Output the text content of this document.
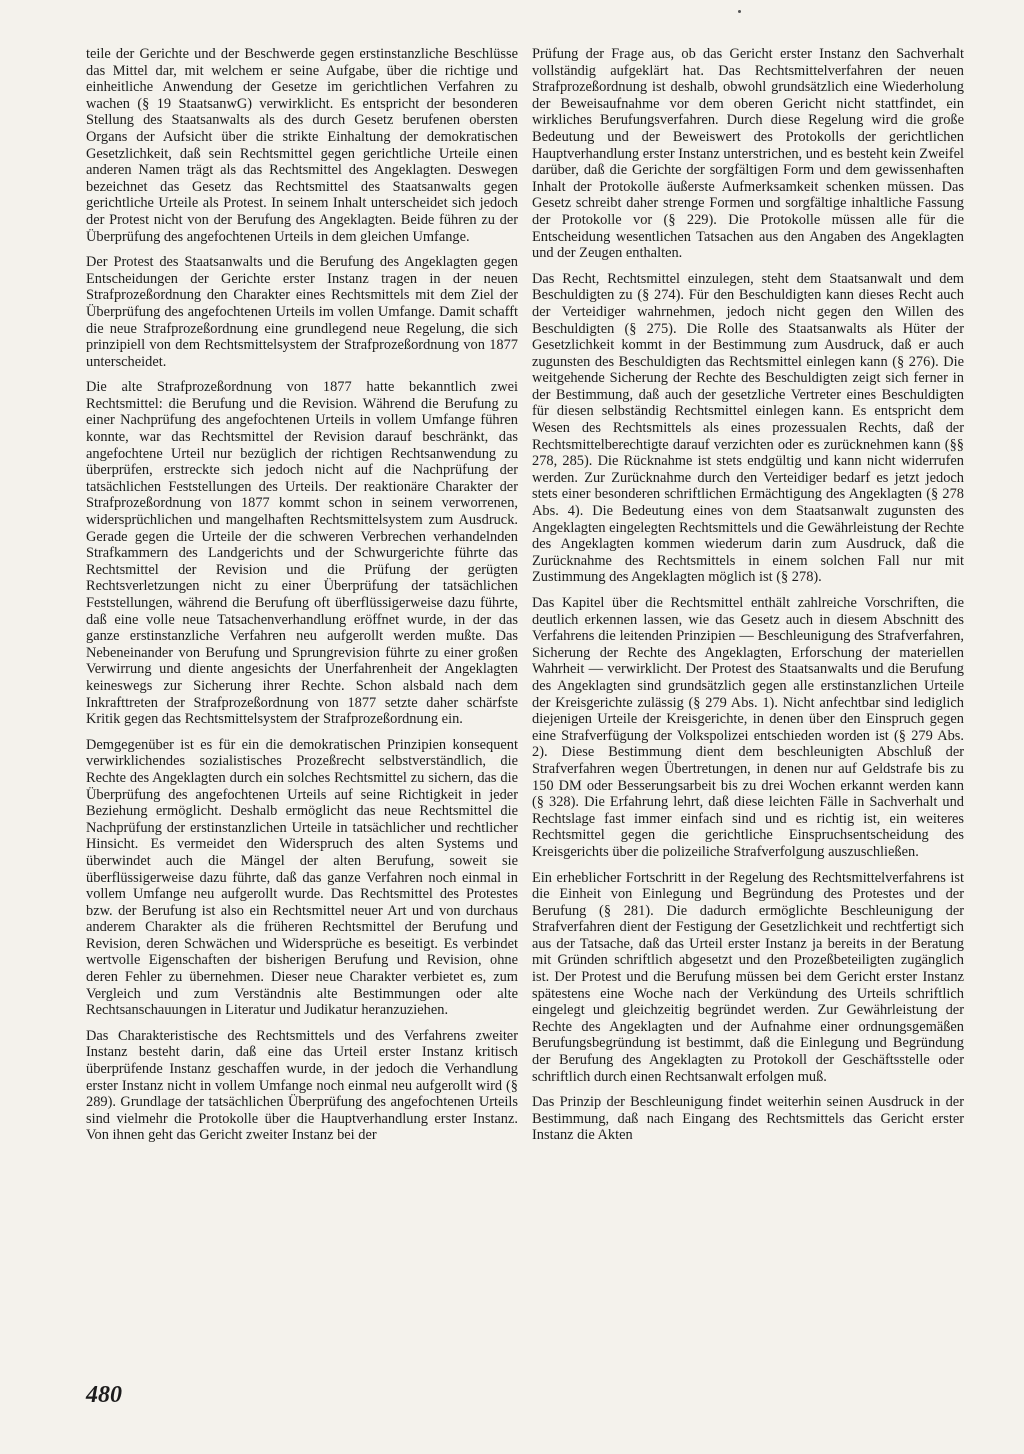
teile der Gerichte und der Beschwerde gegen erstinstanzliche Beschlüsse das Mittel dar, mit welchem er seine Aufgabe, über die richtige und einheitliche Anwendung der Gesetze im gerichtlichen Verfahren zu wachen (§ 19 StaatsanwG) verwirklicht. Es entspricht der besonderen Stellung des Staatsanwalts als des durch Gesetz berufenen obersten Organs der Aufsicht über die strikte Einhaltung der demokratischen Gesetzlichkeit, daß sein Rechtsmittel gegen gerichtliche Urteile einen anderen Namen trägt als das Rechtsmittel des Angeklagten. Deswegen bezeichnet das Gesetz das Rechtsmittel des Staatsanwalts gegen gerichtliche Urteile als Protest. In seinem Inhalt unterscheidet sich jedoch der Protest nicht von der Berufung des Angeklagten. Beide führen zu der Überprüfung des angefochtenen Urteils in dem gleichen Umfange.

Der Protest des Staatsanwalts und die Berufung des Angeklagten gegen Entscheidungen der Gerichte erster Instanz tragen in der neuen Strafprozeßordnung den Charakter eines Rechtsmittels mit dem Ziel der Überprüfung des angefochtenen Urteils im vollen Umfange. Damit schafft die neue Strafprozeßordnung eine grundlegend neue Regelung, die sich prinzipiell von dem Rechtsmittelsystem der Strafprozeßordnung von 1877 unterscheidet.

Die alte Strafprozeßordnung von 1877 hatte bekanntlich zwei Rechtsmittel: die Berufung und die Revision. Während die Berufung zu einer Nachprüfung des angefochtenen Urteils in vollem Umfange führen konnte, war das Rechtsmittel der Revision darauf beschränkt, das angefochtene Urteil nur bezüglich der richtigen Rechtsanwendung zu überprüfen, erstreckte sich jedoch nicht auf die Nachprüfung der tatsächlichen Feststellungen des Urteils. Der reaktionäre Charakter der Strafprozeßordnung von 1877 kommt schon in seinem verworrenen, widersprüchlichen und mangelhaften Rechtsmittelsystem zum Ausdruck. Gerade gegen die Urteile der die schweren Verbrechen verhandelnden Strafkammern des Landgerichts und der Schwurgerichte führte das Rechtsmittel der Revision und die Prüfung der gerügten Rechtsverletzungen nicht zu einer Überprüfung der tatsächlichen Feststellungen, während die Berufung oft überflüssigerweise dazu führte, daß eine volle neue Tatsachenverhandlung eröffnet wurde, in der das ganze erstinstanzliche Verfahren neu aufgerollt werden mußte. Das Nebeneinander von Berufung und Sprungrevision führte zu einer großen Verwirrung und diente angesichts der Unerfahrenheit der Angeklagten keineswegs zur Sicherung ihrer Rechte. Schon alsbald nach dem Inkrafttreten der Strafprozeßordnung von 1877 setzte daher schärfste Kritik gegen das Rechtsmittelsystem der Strafprozeßordnung ein.

Demgegenüber ist es für ein die demokratischen Prinzipien konsequent verwirklichendes sozialistisches Prozeßrecht selbstverständlich, die Rechte des Angeklagten durch ein solches Rechtsmittel zu sichern, das die Überprüfung des angefochtenen Urteils auf seine Richtigkeit in jeder Beziehung ermöglicht. Deshalb ermöglicht das neue Rechtsmittel die Nachprüfung der erstinstanzlichen Urteile in tatsächlicher und rechtlicher Hinsicht. Es vermeidet den Widerspruch des alten Systems und überwindet auch die Mängel der alten Berufung, soweit sie überflüssigerweise dazu führte, daß das ganze Verfahren noch einmal in vollem Umfange neu aufgerollt wurde. Das Rechtsmittel des Protestes bzw. der Berufung ist also ein Rechtsmittel neuer Art und von durchaus anderem Charakter als die früheren Rechtsmittel der Berufung und Revision, deren Schwächen und Widersprüche es beseitigt. Es verbindet wertvolle Eigenschaften der bisherigen Berufung und Revision, ohne deren Fehler zu übernehmen. Dieser neue Charakter verbietet es, zum Vergleich und zum Verständnis alte Bestimmungen oder alte Rechtsanschauungen in Literatur und Judikatur heranzuziehen.

Das Charakteristische des Rechtsmittels und des Verfahrens zweiter Instanz besteht darin, daß eine das Urteil erster Instanz kritisch überprüfende Instanz geschaffen wurde, in der jedoch die Verhandlung erster Instanz nicht in vollem Umfange noch einmal neu aufgerollt wird (§ 289). Grundlage der tatsächlichen Überprüfung des angefochtenen Urteils sind vielmehr die Protokolle über die Hauptverhandlung erster Instanz. Von ihnen geht das Gericht zweiter Instanz bei der

Prüfung der Frage aus, ob das Gericht erster Instanz den Sachverhalt vollständig aufgeklärt hat. Das Rechtsmittelverfahren der neuen Strafprozeßordnung ist deshalb, obwohl grundsätzlich eine Wiederholung der Beweisaufnahme vor dem oberen Gericht nicht stattfindet, ein wirkliches Berufungsverfahren. Durch diese Regelung wird die große Bedeutung und der Beweiswert des Protokolls der gerichtlichen Hauptverhandlung erster Instanz unterstrichen, und es besteht kein Zweifel darüber, daß die Gerichte der sorgfältigen Form und dem gewissenhaften Inhalt der Protokolle äußerste Aufmerksamkeit schenken müssen. Das Gesetz schreibt daher strenge Formen und sorgfältige inhaltliche Fassung der Protokolle vor (§ 229). Die Protokolle müssen alle für die Entscheidung wesentlichen Tatsachen aus den Angaben des Angeklagten und der Zeugen enthalten.

Das Recht, Rechtsmittel einzulegen, steht dem Staatsanwalt und dem Beschuldigten zu (§ 274). Für den Beschuldigten kann dieses Recht auch der Verteidiger wahrnehmen, jedoch nicht gegen den Willen des Beschuldigten (§ 275). Die Rolle des Staatsanwalts als Hüter der Gesetzlichkeit kommt in der Bestimmung zum Ausdruck, daß er auch zugunsten des Beschuldigten das Rechtsmittel einlegen kann (§ 276). Die weitgehende Sicherung der Rechte des Beschuldigten zeigt sich ferner in der Bestimmung, daß auch der gesetzliche Vertreter eines Beschuldigten für diesen selbständig Rechtsmittel einlegen kann. Es entspricht dem Wesen des Rechtsmittels als eines prozessualen Rechts, daß der Rechtsmittelberechtigte darauf verzichten oder es zurücknehmen kann (§§ 278, 285). Die Rücknahme ist stets endgültig und kann nicht widerrufen werden. Zur Zurücknahme durch den Verteidiger bedarf es jetzt jedoch stets einer besonderen schriftlichen Ermächtigung des Angeklagten (§ 278 Abs. 4). Die Bedeutung eines von dem Staatsanwalt zugunsten des Angeklagten eingelegten Rechtsmittels und die Gewährleistung der Rechte des Angeklagten kommen wiederum darin zum Ausdruck, daß die Zurücknahme des Rechtsmittels in einem solchen Fall nur mit Zustimmung des Angeklagten möglich ist (§ 278).

Das Kapitel über die Rechtsmittel enthält zahlreiche Vorschriften, die deutlich erkennen lassen, wie das Gesetz auch in diesem Abschnitt des Verfahrens die leitenden Prinzipien — Beschleunigung des Strafverfahren, Sicherung der Rechte des Angeklagten, Erforschung der materiellen Wahrheit — verwirklicht. Der Protest des Staatsanwalts und die Berufung des Angeklagten sind grundsätzlich gegen alle erstinstanzlichen Urteile der Kreisgerichte zulässig (§ 279 Abs. 1). Nicht anfechtbar sind lediglich diejenigen Urteile der Kreisgerichte, in denen über den Einspruch gegen eine Strafverfügung der Volkspolizei entschieden worden ist (§ 279 Abs. 2). Diese Bestimmung dient dem beschleunigten Abschluß der Strafverfahren wegen Übertretungen, in denen nur auf Geldstrafe bis zu 150 DM oder Besserungsarbeit bis zu drei Wochen erkannt werden kann (§ 328). Die Erfahrung lehrt, daß diese leichten Fälle in Sachverhalt und Rechtslage fast immer einfach sind und es richtig ist, ein weiteres Rechtsmittel gegen die gerichtliche Einspruchsentscheidung des Kreisgerichts über die polizeiliche Strafverfolgung auszuschließen.

Ein erheblicher Fortschritt in der Regelung des Rechtsmittelverfahrens ist die Einheit von Einlegung und Begründung des Protestes und der Berufung (§ 281). Die dadurch ermöglichte Beschleunigung der Strafverfahren dient der Festigung der Gesetzlichkeit und rechtfertigt sich aus der Tatsache, daß das Urteil erster Instanz ja bereits in der Beratung mit Gründen schriftlich abgesetzt und den Prozeßbeteiligten zugänglich ist. Der Protest und die Berufung müssen bei dem Gericht erster Instanz spätestens eine Woche nach der Verkündung des Urteils schriftlich eingelegt und gleichzeitig begründet werden. Zur Gewährleistung der Rechte des Angeklagten und der Aufnahme einer ordnungsgemäßen Berufungsbegründung ist bestimmt, daß die Einlegung und Begründung der Berufung des Angeklagten zu Protokoll der Geschäftsstelle oder schriftlich durch einen Rechtsanwalt erfolgen muß.

Das Prinzip der Beschleunigung findet weiterhin seinen Ausdruck in der Bestimmung, daß nach Eingang des Rechtsmittels das Gericht erster Instanz die Akten

480
